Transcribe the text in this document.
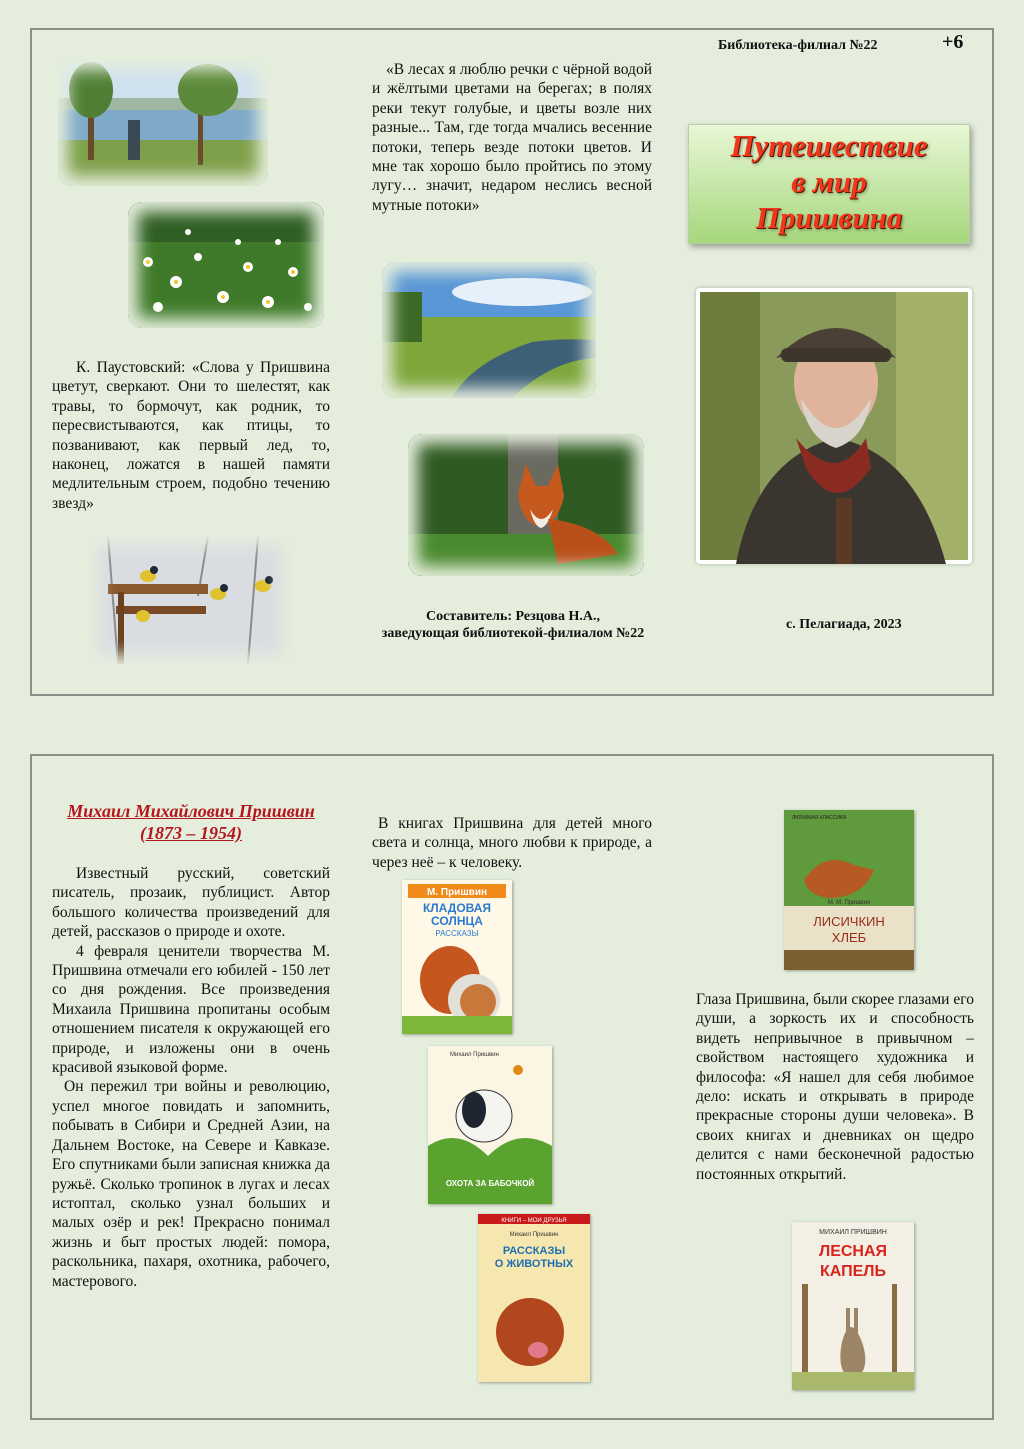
Библиотека-филиал №22	+6

«В лесах я люблю речки с чёрной водой и жёлтыми цветами на берегах; в полях реки текут голубые, и цветы возле них разные... Там, где тогда мчались весенние потоки, теперь везде потоки цветов. И мне так хорошо было пройтись по этому лугу… значит, недаром неслись весной мутные потоки»

Путешествие
в мир
Пришвина

К. Паустовский: «Слова у Пришвина цветут, сверкают. Они то шелестят, как травы, то бормочут, как родник, то пересвистываются, как птицы, то позванивают, как первый лед, то, наконец, ложатся в нашей памяти медлительным строем, подобно течению звезд»

Составитель: Резцова Н.А.,
заведующая библиотекой-филиалом №22
с. Пелагиада, 2023
Михаил Михайлович Пришвин
(1873 – 1954)

Известный русский, советский писатель, прозаик, публицист. Автор большого количества произведений для детей, рассказов о природе и охоте.

4 февраля ценители творчества М. Пришвина отмечали его юбилей - 150 лет со дня рождения. Все произведения Михаила Пришвина пропитаны особым отношением писателя к окружающей его природе, и изложены они в очень красивой языковой форме.

Он пережил три войны и революцию, успел многое повидать и запомнить, побывать в Сибири и Средней Азии, на Дальнем Востоке, на Севере и Кавказе. Его спутниками были записная книжка да ружьё. Сколько тропинок в лугах и лесах истоптал, сколько узнал больших и малых озёр и рек! Прекрасно понимал жизнь и быт простых людей: помора, раскольника, пахаря, охотника, рабочего, мастерового.

В книгах Пришвина для детей много света и солнца, много любви к природе, а через неё – к человеку.

М. Пришвин
КЛАДОВАЯ
СОЛНЦА
РАССКАЗЫ
Михаил Пришвин
ОХОТА ЗА БАБОЧКОЙ
КНИГИ – МОИ ДРУЗЬЯ
Михаил Пришвин
РАССКАЗЫ
О ЖИВОТНЫХ
ЛЮБИМАЯ КЛАССИКА
М. М. Пришвин
ЛИСИЧКИН
ХЛЕБ

Глаза Пришвина, были скорее глазами его души, а зоркость их и способность видеть непривычное в привычном – свойством настоящего художника и философа: «Я нашел для себя любимое дело: искать и открывать в природе прекрасные стороны души человека». В своих книгах и дневниках он щедро делится с нами бесконечной радостью постоянных открытий.

МИХАИЛ ПРИШВИН
ЛЕСНАЯ
КАПЕЛЬ
